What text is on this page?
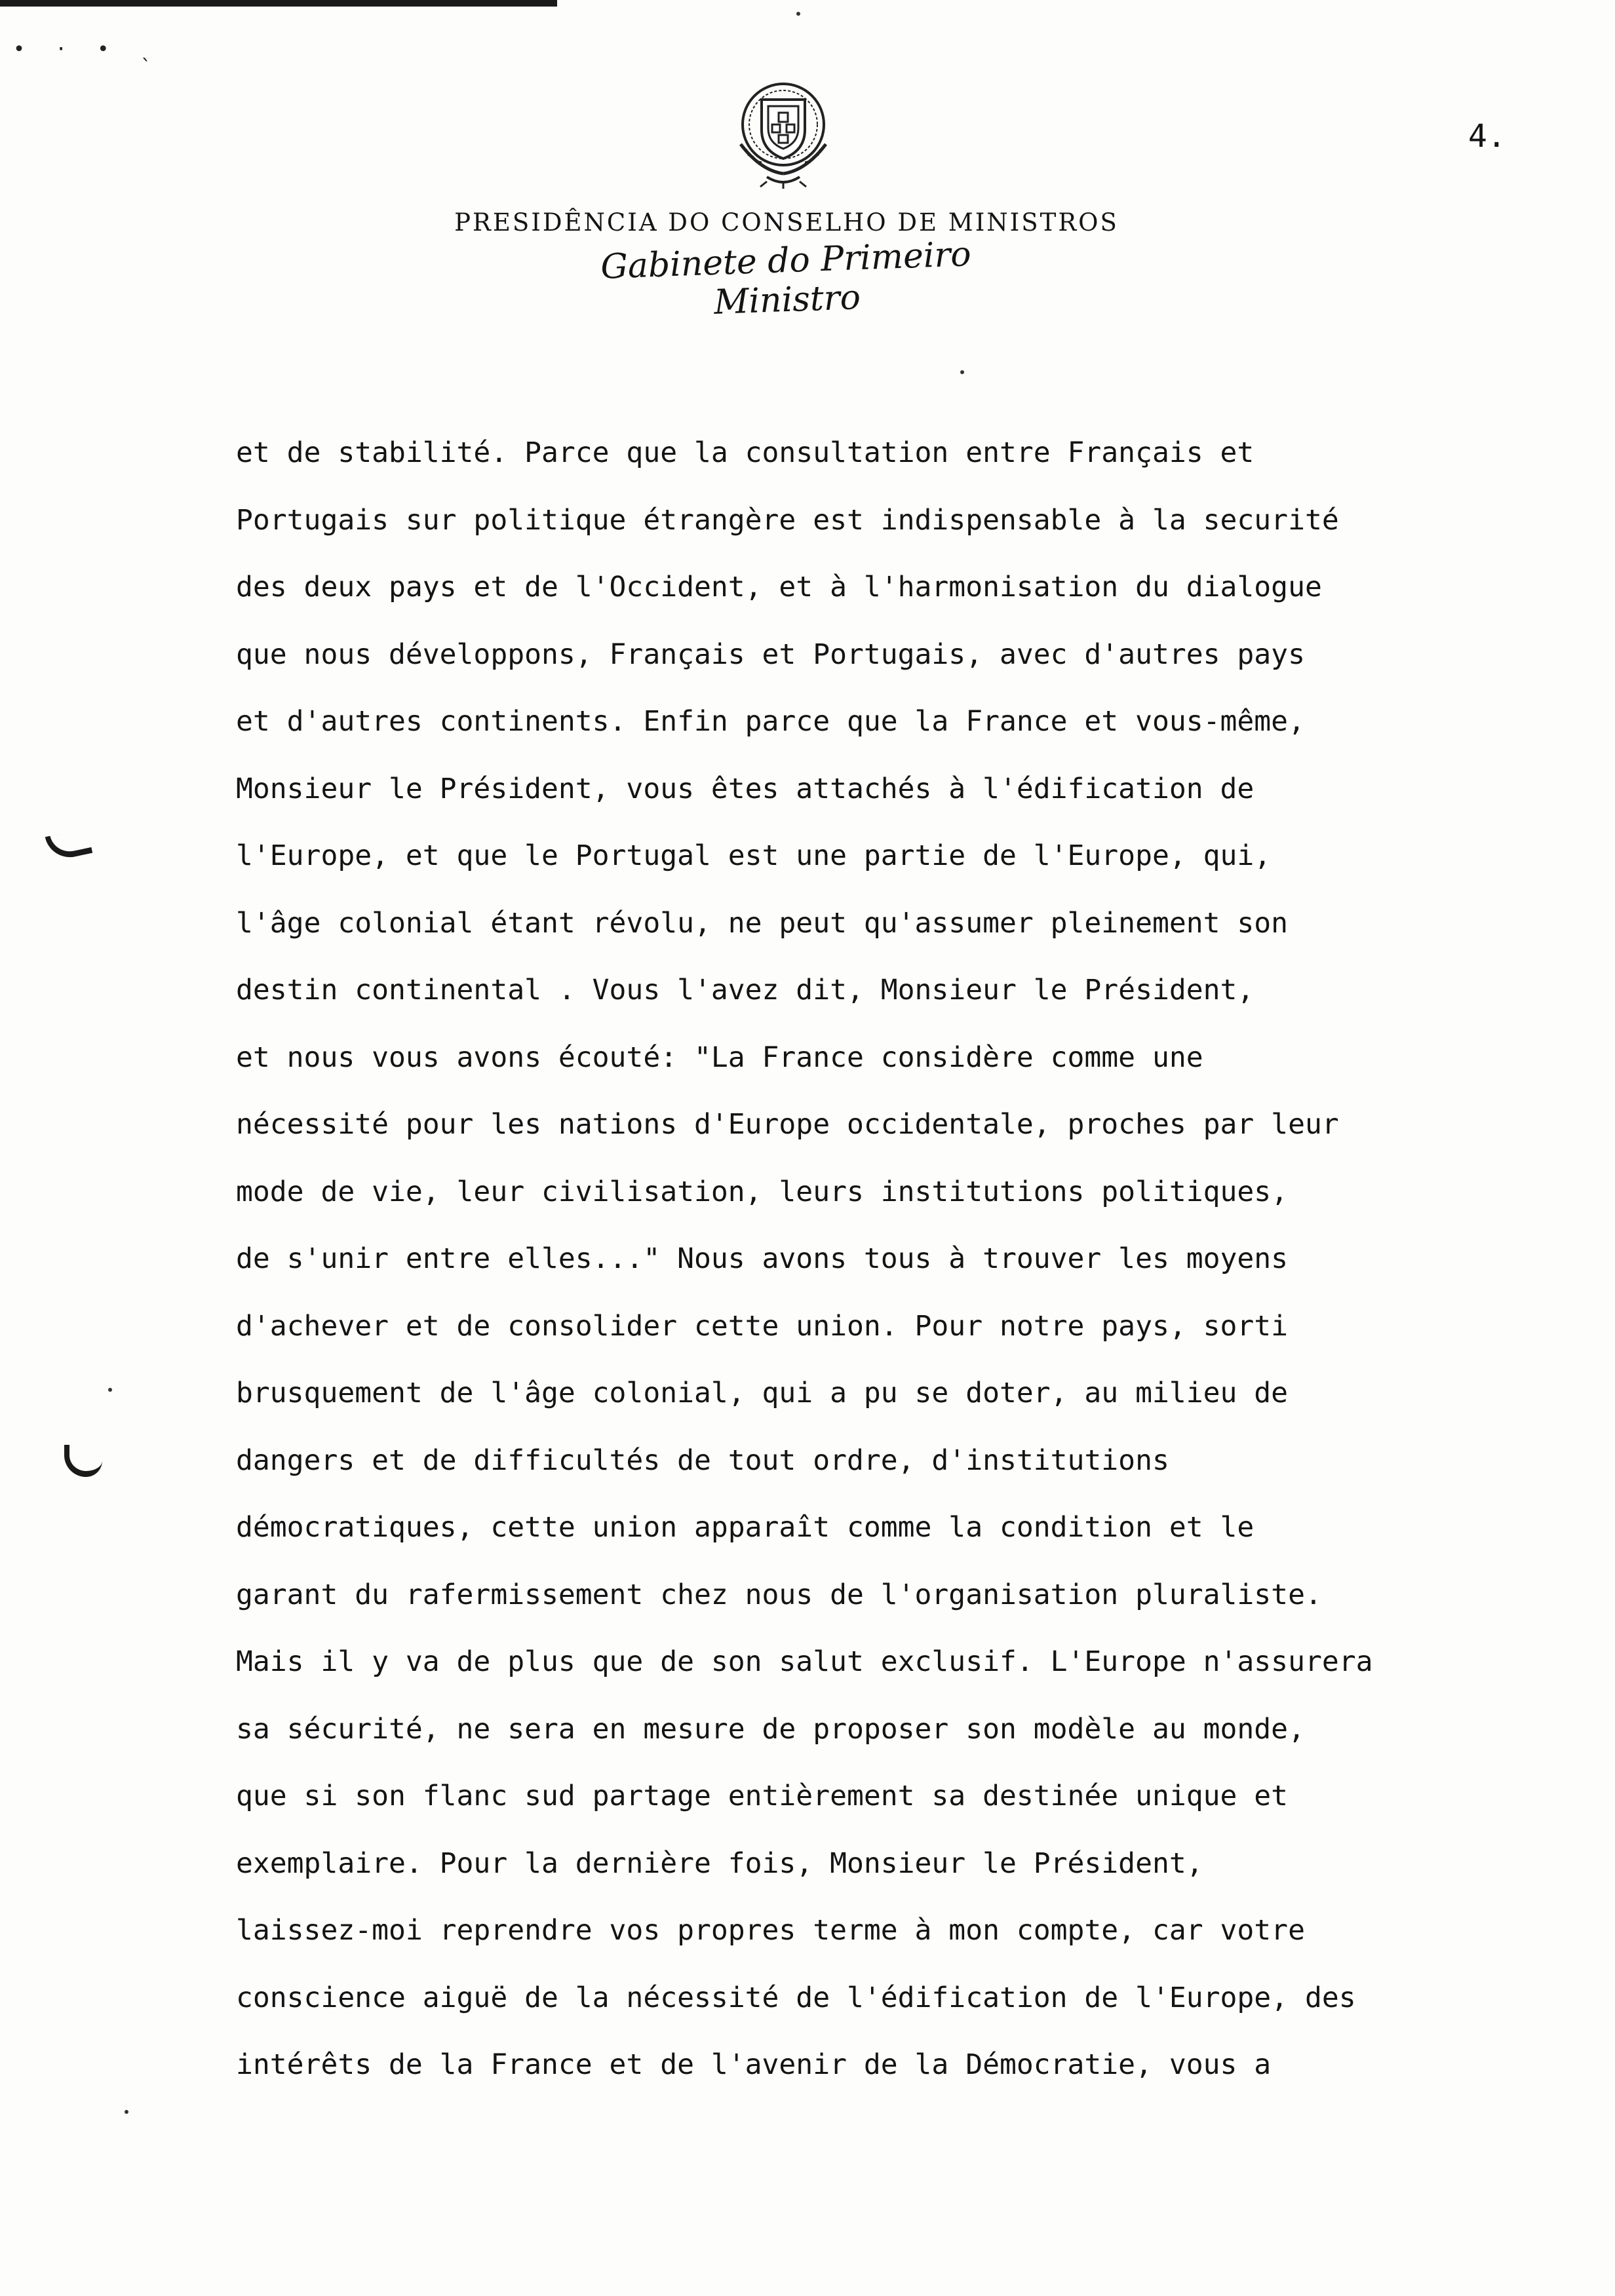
• · • ˎ
4.
PRESIDÊNCIA DO CONSELHO DE MINISTROS
Gabinete do Primeiro Ministro
et de stabilité. Parce que la consultation entre Français et
Portugais sur politique étrangère est indispensable à la securité
des deux pays et de l'Occident, et à l'harmonisation du dialogue
que nous développons, Français et Portugais, avec d'autres pays
et d'autres continents. Enfin parce que la France et vous-même,
Monsieur le Président, vous êtes attachés à l'édification de
l'Europe, et que le Portugal est une partie de l'Europe, qui,
l'âge colonial étant révolu, ne peut qu'assumer pleinement son
destin continental . Vous l'avez dit, Monsieur le Président,
et nous vous avons écouté: "La France considère comme une
nécessité pour les nations d'Europe occidentale, proches par leur
mode de vie, leur civilisation, leurs institutions politiques,
de s'unir entre elles..." Nous avons tous à trouver les moyens
d'achever et de consolider cette union. Pour notre pays, sorti
brusquement de l'âge colonial, qui a pu se doter, au milieu de
dangers et de difficultés de tout ordre, d'institutions
démocratiques, cette union apparaît comme la condition et le
garant du rafermissement chez nous de l'organisation pluraliste.
Mais il y va de plus que de son salut exclusif. L'Europe n'assurera
sa sécurité, ne sera en mesure de proposer son modèle au monde,
que si son flanc sud partage entièrement sa destinée unique et
exemplaire. Pour la dernière fois, Monsieur le Président,
laissez-moi reprendre vos propres terme à mon compte, car votre
conscience aiguë de la nécessité de l'édification de l'Europe, des
intérêts de la France et de l'avenir de la Démocratie, vous a
